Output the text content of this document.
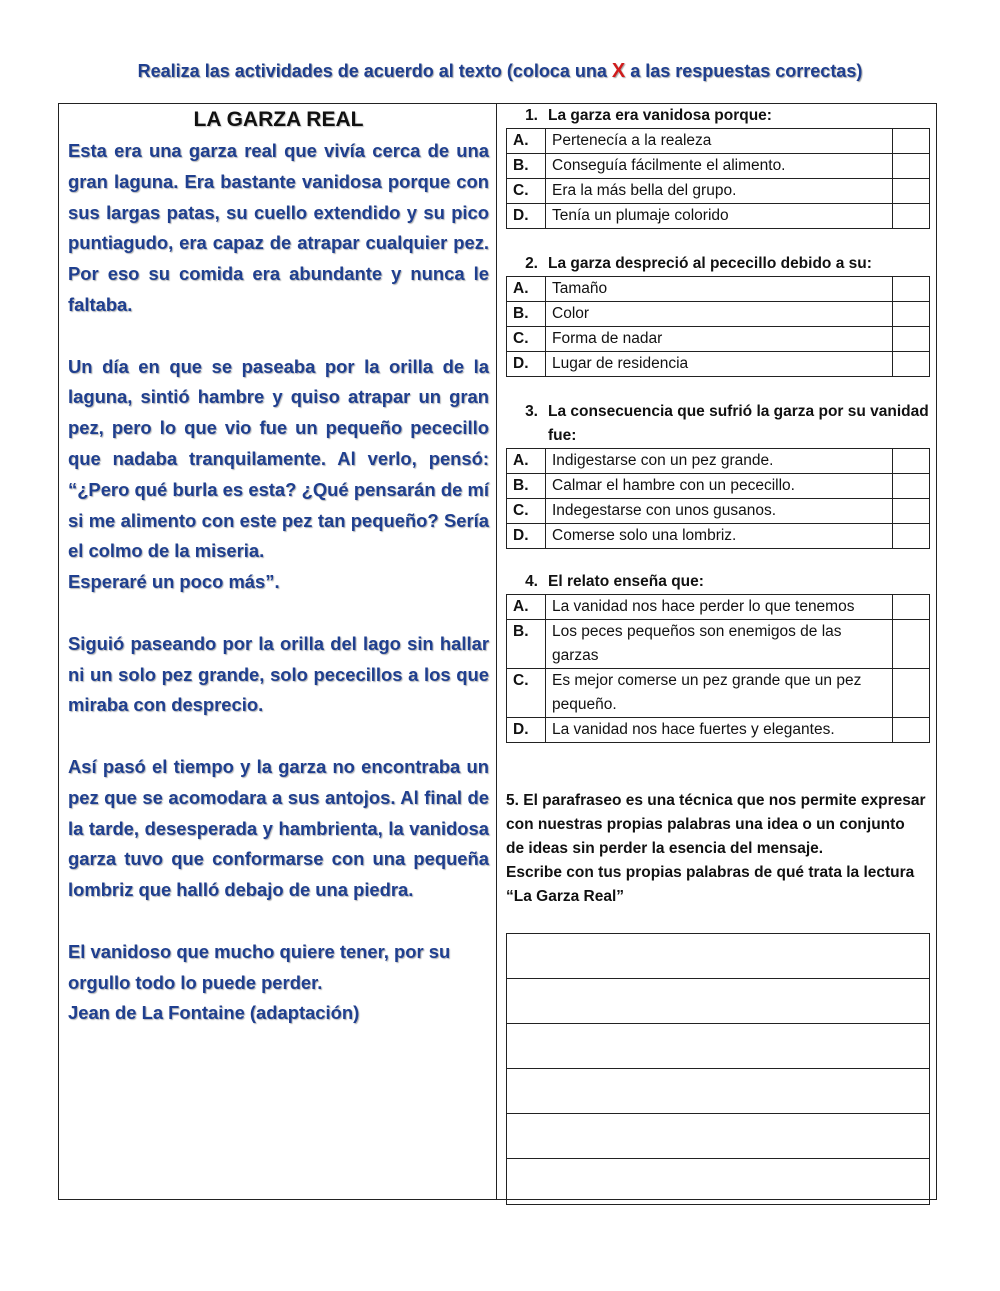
Realiza las actividades de acuerdo al texto (coloca una X a las respuestas correctas)
LA GARZA REAL

Esta era una garza real que vivía cerca de una gran laguna. Era bastante vanidosa porque con sus largas patas, su cuello extendido y su pico puntiagudo, era capaz de atrapar cualquier pez. Por eso su comida era abundante y nunca le faltaba.

Un día en que se paseaba por la orilla de la laguna, sintió hambre y quiso atrapar un gran pez, pero lo que vio fue un pequeño pececillo que nadaba tranquilamente. Al verlo, pensó: “¿Pero qué burla es esta? ¿Qué pensarán de mí si me alimento con este pez tan pequeño? Sería el colmo de la miseria.

Esperaré un poco más”.

Siguió paseando por la orilla del lago sin hallar ni un solo pez grande, solo pececillos a los que miraba con desprecio.

Así pasó el tiempo y la garza no encontraba un pez que se acomodara a sus antojos. Al final de la tarde, desesperada y hambrienta, la vanidosa garza tuvo que conformarse con una pequeña lombriz que halló debajo de una piedra.

El vanidoso que mucho quiere tener, por su orgullo todo lo puede perder.

Jean de La Fontaine (adaptación)

1. La garza era vanidosa porque:
A.	Pertenecía a la realeza	
B.	Conseguía fácilmente el alimento.	
C.	Era la más bella del grupo.	
D.	Tenía un plumaje colorido	
2. La garza despreció al pececillo debido a su:
A.	Tamaño	
B.	Color	
C.	Forma de nadar	
D.	Lugar de residencia	
3. La consecuencia que sufrió la garza por su vanidad fue:
A.	Indigestarse con un pez grande.	
B.	Calmar el hambre con un pececillo.	
C.	Indegestarse con unos gusanos.	
D.	Comerse solo una lombriz.	
4. El relato enseña que:
A.	La vanidad nos hace perder lo que tenemos	
B.	Los peces pequeños son enemigos de las garzas	
C.	Es mejor comerse un pez grande que un pez pequeño.	
D.	La vanidad nos hace fuertes y elegantes.	
5. El parafraseo es una técnica que nos permite expresar con nuestras propias palabras una idea o un conjunto de ideas sin perder la esencia del mensaje.
Escribe con tus propias palabras de qué trata la lectura “La Garza Real”
